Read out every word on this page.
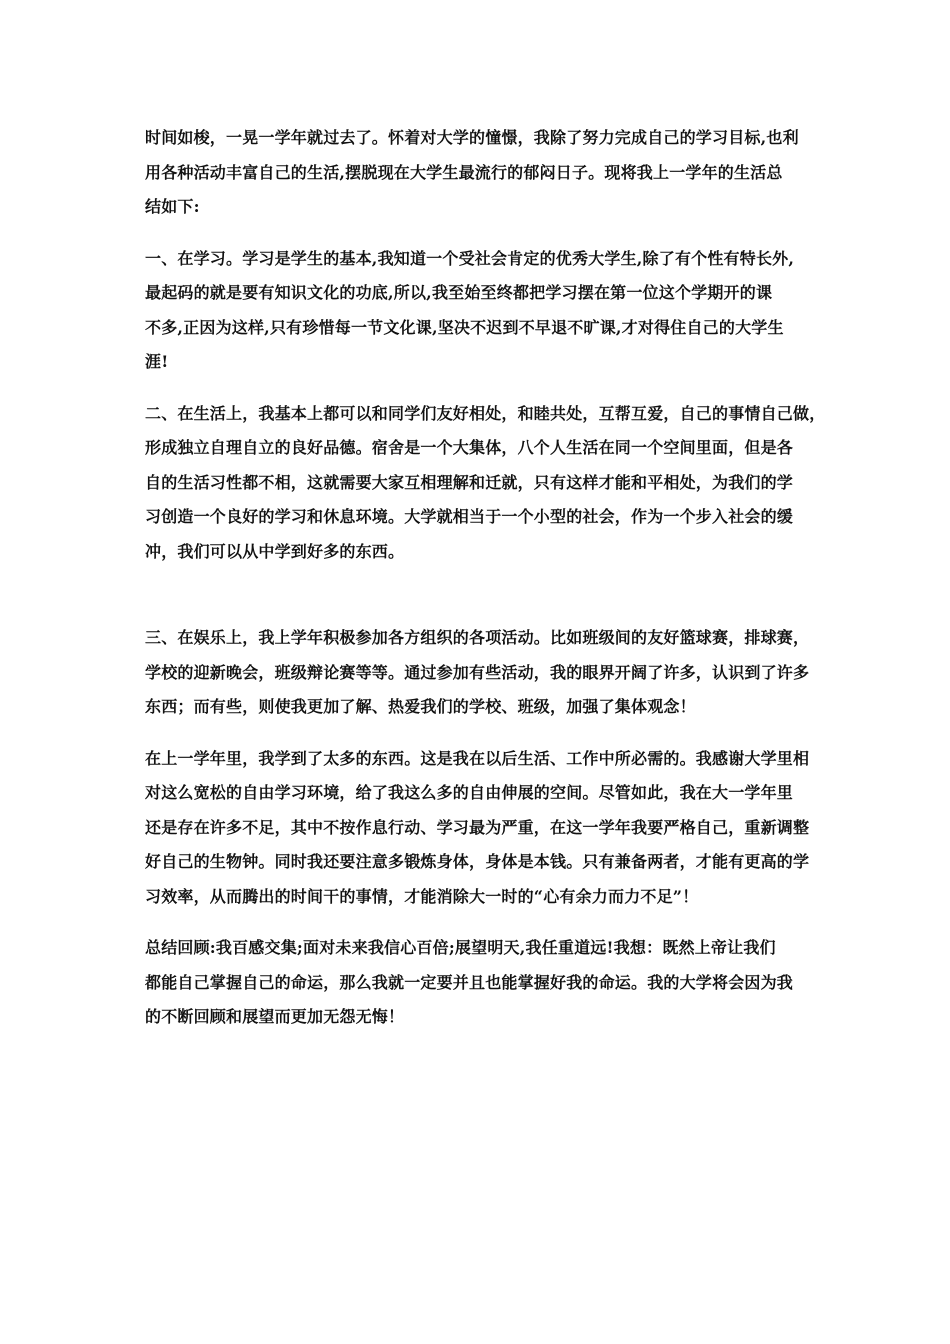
时间如梭，一晃一学年就过去了。怀着对大学的憧憬，我除了努力完成自己的学习目标,也利
用各种活动丰富自己的生活,摆脱现在大学生最流行的郁闷日子。现将我上一学年的生活总
结如下:

一、在学习。学习是学生的基本,我知道一个受社会肯定的优秀大学生,除了有个性有特长外,
最起码的就是要有知识文化的功底,所以,我至始至终都把学习摆在第一位这个学期开的课
不多,正因为这样,只有珍惜每一节文化课,坚决不迟到不早退不旷课,才对得住自己的大学生
涯!

二、在生活上，我基本上都可以和同学们友好相处，和睦共处，互帮互爱，自己的事情自己做，
形成独立自理自立的良好品德。宿舍是一个大集体，八个人生活在同一个空间里面，但是各
自的生活习性都不相，这就需要大家互相理解和迁就，只有这样才能和平相处，为我们的学
习创造一个良好的学习和休息环境。大学就相当于一个小型的社会，作为一个步入社会的缓
冲，我们可以从中学到好多的东西。

三、在娱乐上，我上学年积极参加各方组织的各项活动。比如班级间的友好篮球赛，排球赛，
学校的迎新晚会，班级辩论赛等等。通过参加有些活动，我的眼界开阔了许多，认识到了许多
东西；而有些，则使我更加了解、热爱我们的学校、班级，加强了集体观念！

在上一学年里，我学到了太多的东西。这是我在以后生活、工作中所必需的。我感谢大学里相
对这么宽松的自由学习环境，给了我这么多的自由伸展的空间。尽管如此，我在大一学年里
还是存在许多不足，其中不按作息行动、学习最为严重，在这一学年我要严格自己，重新调整
好自己的生物钟。同时我还要注意多锻炼身体，身体是本钱。只有兼备两者，才能有更高的学
习效率，从而腾出的时间干的事情，才能消除大一时的“心有余力而力不足”！

总结回顾:我百感交集;面对未来我信心百倍;展望明天,我任重道远!我想：既然上帝让我们
都能自己掌握自己的命运，那么我就一定要并且也能掌握好我的命运。我的大学将会因为我
的不断回顾和展望而更加无怨无悔！
